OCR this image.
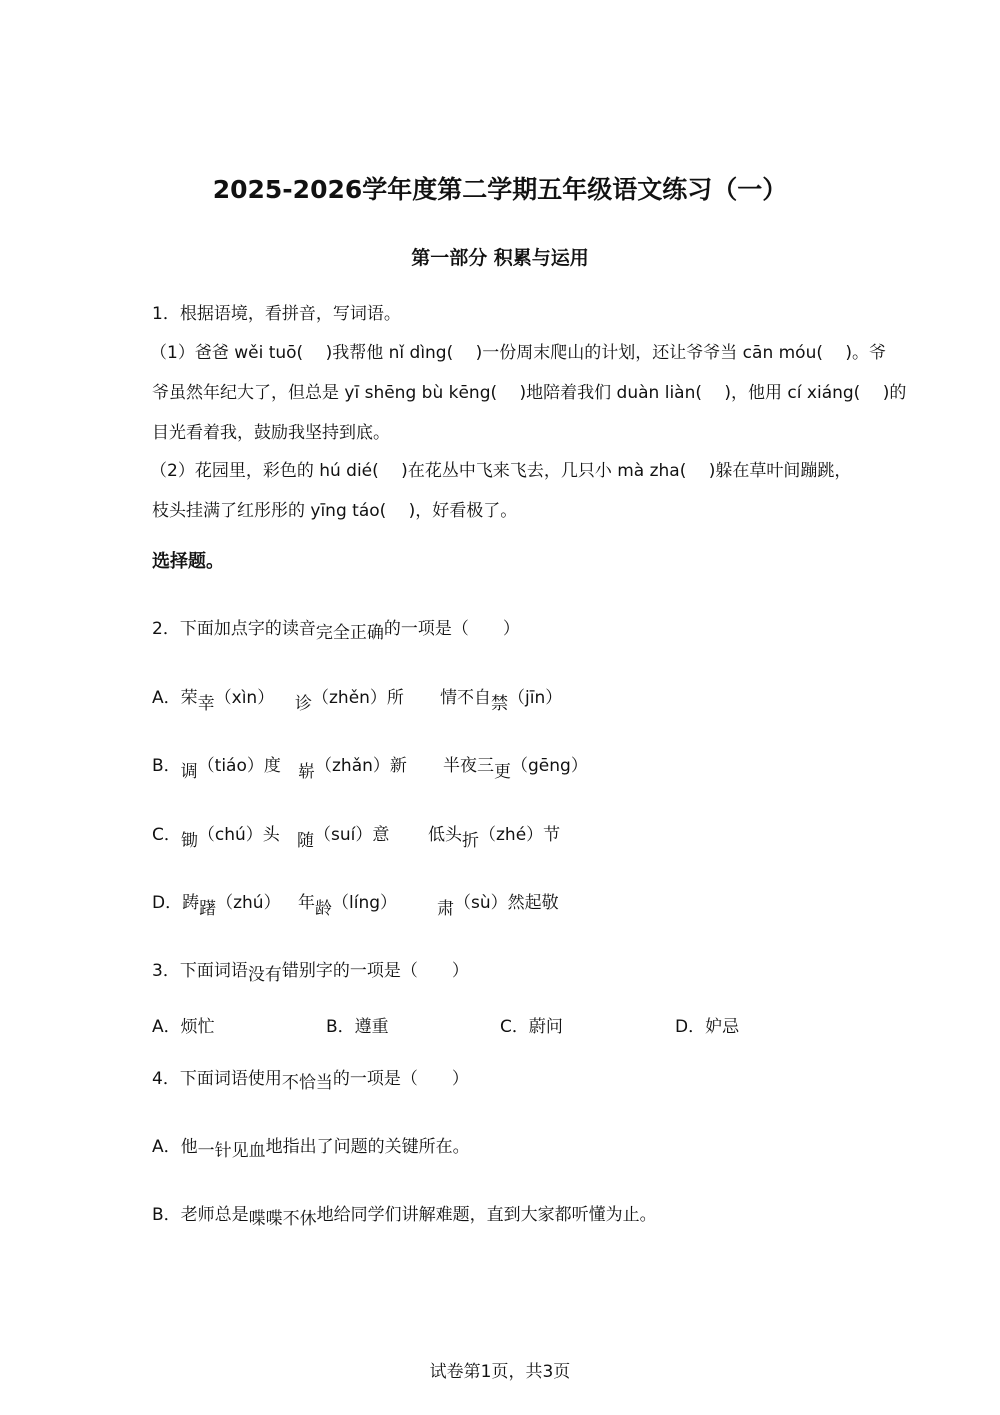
2025-2026学年度第二学期五年级语文练习（一）
第一部分 积累与运用
1．根据语境，看拼音，写词语。
（1）爸爸 wěi tuō(　 )我帮他 nǐ dìng(　 )一份周末爬山的计划，还让爷爷当 cān móu(　 )。爷
爷虽然年纪大了，但总是 yī shēng bù kēng(　 )地陪着我们 duàn liàn(　 )，他用 cí xiáng(　 )的
目光看着我，鼓励我坚持到底。
（2）花园里，彩色的 hú dié(　 )在花丛中飞来飞去，几只小 mà zha(　 )躲在草叶间蹦跳，
枝头挂满了红彤彤的 yīng táo(　 )，好看极了。
选择题。
2．下面加点字的读音完全正确的一项是（　　）
A．荣幸（xìn） 诊（zhěn）所 情不自禁（jīn）
B．调（tiáo）度 崭（zhǎn）新 半夜三更（gēng）
C．锄（chú）头 随（suí）意 低头折（zhé）节
D．踌躇（zhú） 年龄（líng） 肃（sù）然起敬
3．下面词语没有错别字的一项是（　　）
A．烦忙	B．遵重	C．蔚问	D．妒忌
4．下面词语使用不恰当的一项是（　　）
A．他一针见血地指出了问题的关键所在。
B．老师总是喋喋不休地给同学们讲解难题，直到大家都听懂为止。
试卷第1页，共3页
